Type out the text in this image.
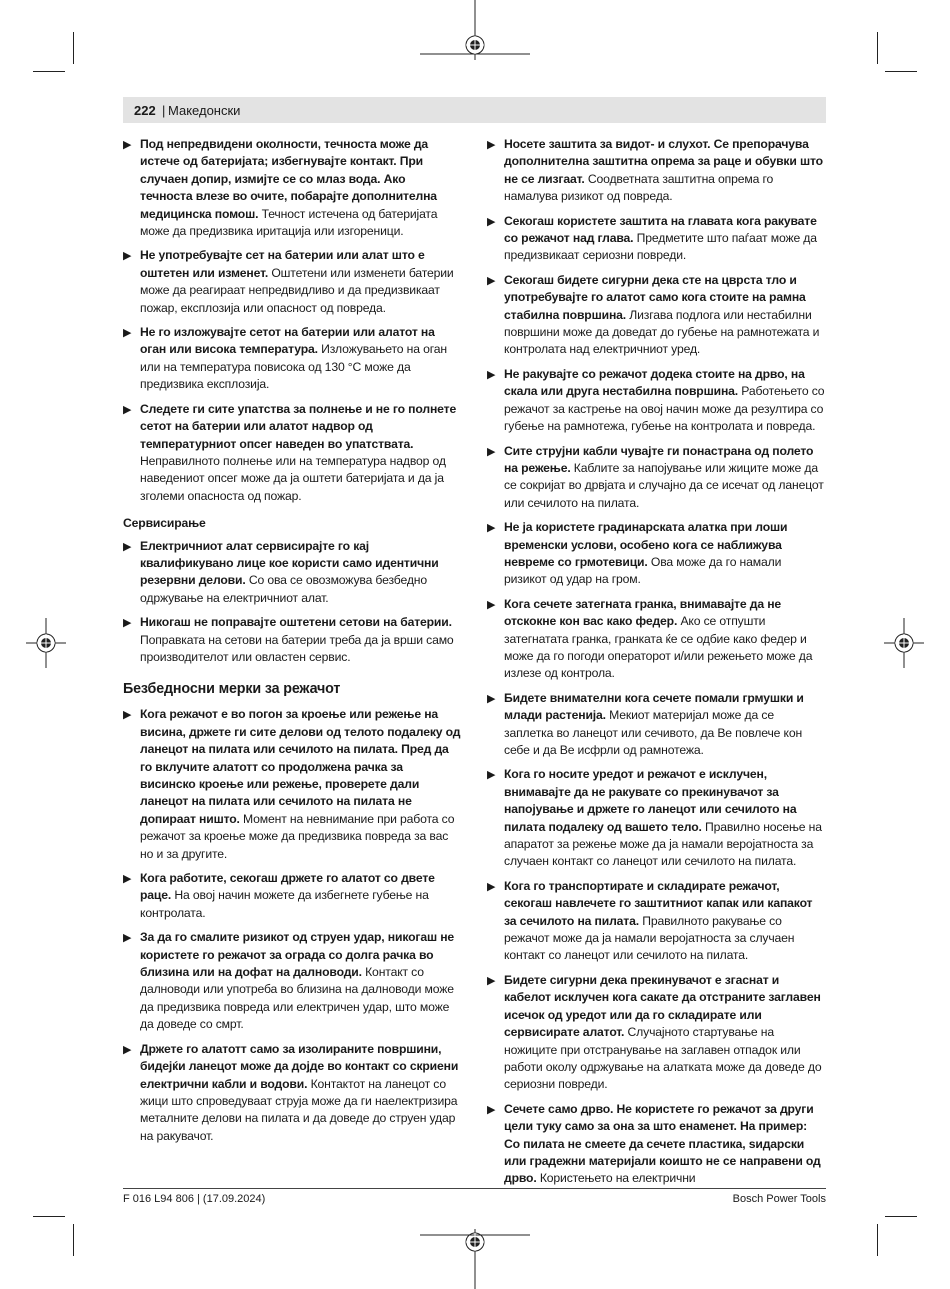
222 | Македонски
▶ Под непредвидени околности, течноста може да истече од батеријата; избегнувајте контакт. При случаен допир, измијте се со млаз вода. Ако течноста влезе во очите, побарајте дополнителна медицинска помош. Течност истечена од батеријата може да предизвика иритација или изгореници.
▶ Не употребувајте сет на батерии или алат што е оштетен или изменет. Оштетени или изменети батерии може да реагираат непредвидливо и да предизвикаат пожар, експлозија или опасност од повреда.
▶ Не го изложувајте сетот на батерии или алатот на оган или висока температура. Изложувањето на оган или на температура повисока од 130 °C може да предизвика експлозија.
▶ Следете ги сите упатства за полнење и не го полнете сетот на батерии или алатот надвор од температурниот опсег наведен во упатствата. Неправилното полнење или на температура надвор од наведениот опсег може да ја оштети батеријата и да ја зголеми опасноста од пожар.
Сервисирање
▶ Електричниот алат сервисирајте го кај квалификувано лице кое користи само идентични резервни делови. Со ова се овозможува безбедно одржување на електричниот алат.
▶ Никогаш не поправајте оштетени сетови на батерии. Поправката на сетови на батерии треба да ја врши само производителот или овластен сервис.
Безбедносни мерки за режачот
▶ Кога режачот е во погон за кроење или режење на висина, држете ги сите делови од телото подалеку од ланецот на пилата или сечилото на пилата. Пред да го вклучите алатотт со продолжена рачка за висинско кроење или режење, проверете дали ланецот на пилата или сечилото на пилата не допираат ништо. Момент на невнимание при работа со режачот за кроење може да предизвика повреда за вас но и за другите.
▶ Кога работите, секогаш држете го алатот со двете раце. На овој начин можете да избегнете губење на контролата.
▶ За да го смалите ризикот од струен удар, никогаш не користете го режачот за ограда со долга рачка во близина или на дофат на далноводи. Контакт со далноводи или употреба во близина на далноводи може да предизвика повреда или електричен удар, што може да доведе со смрт.
▶ Држете го алатотт само за изолираните површини, бидејќи ланецот може да дојде во контакт со скриени електрични кабли и водови. Контактот на ланецот со жици што спроведуваат струја може да ги наелектризира металните делови на пилата и да доведе до струен удар на ракувачот.
▶ Носете заштита за видот- и слухот. Се препорачува дополнителна заштитна опрема за раце и обувки што не се лизгаат. Соодветната заштитна опрема го намалува ризикот од повреда.
▶ Секогаш користете заштита на главата кога ракувате со режачот над глава. Предметите што паѓаат може да предизвикаат сериозни повреди.
▶ Секогаш бидете сигурни дека сте на цврста тло и употребувајте го алатот само кога стоите на рамна стабилна површина. Лизгава подлога или нестабилни површини може да доведат до губење на рамнотежата и контролата над електричниот уред.
▶ Не ракувајте со режачот додека стоите на дрво, на скала или друга нестабилна површина. Работењето со режачот за кастрење на овој начин може да резултира со губење на рамнотежа, губење на контролата и повреда.
▶ Сите струјни кабли чувајте ги понастрана од полето на режење. Каблите за напојување или жиците може да се сокријат во дрвјата и случајно да се исечат од ланецот или сечилото на пилата.
▶ Не ја користете градинарската алатка при лоши временски услови, особено кога се наближува невреме со грмотевици. Ова може да го намали ризикот од удар на гром.
▶ Кога сечете затегната гранка, внимавајте да не отскокне кон вас како федер. Ако се отпушти затегнатата гранка, гранката ќе се одбие како федер и може да го погоди операторот и/или режењето може да излезе од контрола.
▶ Бидете внимателни кога сечете помали грмушки и млади растенија. Мекиот материјал може да се заплетка во ланецот или сечивото, да Ве повлече кон себе и да Ве исфрли од рамнотежа.
▶ Кога го носите уредот и режачот е исклучен, внимавајте да не ракувате со прекинувачот за напојување и држете го ланецот или сечилото на пилата подалеку од вашето тело. Правилно носење на апаратот за режење може да ја намали веројатноста за случаен контакт со ланецот или сечилото на пилата.
▶ Кога го транспортирате и складирате режачот, секогаш навлечете го заштитниот капак или капакот за сечилото на пилата. Правилното ракување со режачот може да ја намали веројатноста за случаен контакт со ланецот или сечилото на пилата.
▶ Бидете сигурни дека прекинувачот е згаснат и кабелот исклучен кога сакате да отстраните заглавен исечок од уредот или да го складирате или сервисирате алатот. Случајното стартување на ножиците при отстранување на заглавен отпадок или работи околу одржување на алатката може да доведе до сериозни повреди.
▶ Сечете само дрво. Не користете го режачот за други цели туку само за она за што енаменет. На пример: Со пилата не смеете да сечете пластика, ѕидарски или градежни материјали коишто не се направени од дрво. Користењето на електрични
F 016 L94 806 | (17.09.2024)	Bosch Power Tools
